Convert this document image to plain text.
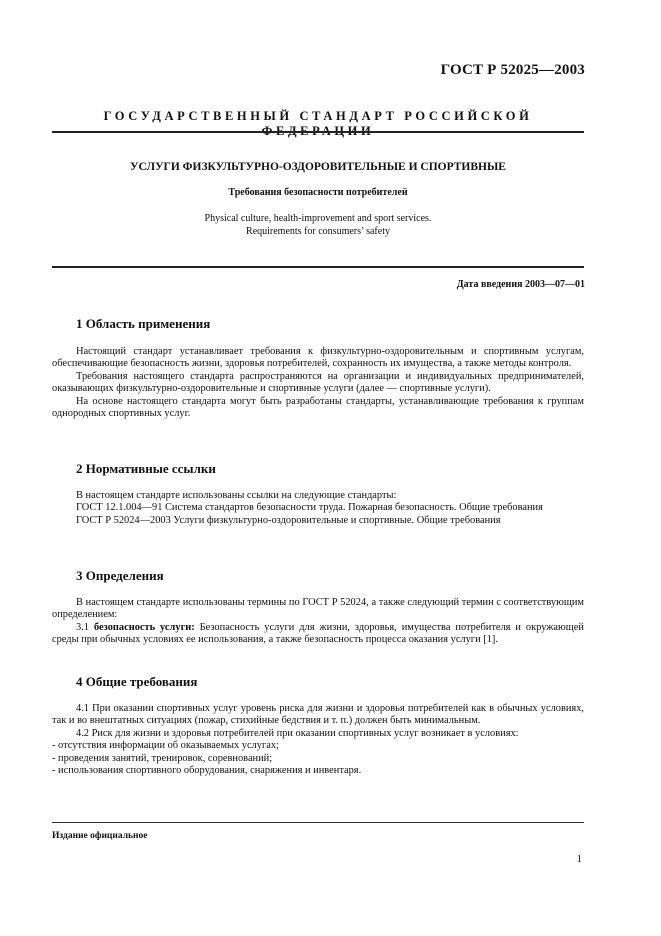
ГОСТ Р 52025—2003
ГОСУДАРСТВЕННЫЙ СТАНДАРТ РОССИЙСКОЙ ФЕДЕРАЦИИ
УСЛУГИ ФИЗКУЛЬТУРНО-ОЗДОРОВИТЕЛЬНЫЕ И СПОРТИВНЫЕ
Требования безопасности потребителей
Physical culture, health-improvement and sport services.
Requirements for consumers’ safety
Дата введения 2003—07—01
1 Область применения

Настоящий стандарт устанавливает требования к физкультурно-оздоровительным и спортивным услугам, обеспечивающие безопасность жизни, здоровья потребителей, сохранность их имущества, а также методы контроля.

Требования настоящего стандарта распространяются на организации и индивидуальных предпринимателей, оказывающих физкультурно-оздоровительные и спортивные услуги (далее — спортивные услуги).

На основе настоящего стандарта могут быть разработаны стандарты, устанавливающие требования к группам однородных спортивных услуг.

2 Нормативные ссылки

В настоящем стандарте использованы ссылки на следующие стандарты:

ГОСТ 12.1.004—91 Система стандартов безопасности труда. Пожарная безопасность. Общие требования

ГОСТ Р 52024—2003 Услуги физкультурно-оздоровительные и спортивные. Общие требования

3 Определения

В настоящем стандарте использованы термины по ГОСТ Р 52024, а также следующий термин с соответствующим определением:

3.1 безопасность услуги: Безопасность услуги для жизни, здоровья, имущества потребителя и окружающей среды при обычных условиях ее использования, а также безопасность процесса оказания услуги [1].

4 Общие требования

4.1 При оказании спортивных услуг уровень риска для жизни и здоровья потребителей как в обычных условиях, так и во внештатных ситуациях (пожар, стихийные бедствия и т. п.) должен быть минимальным.

4.2 Риск для жизни и здоровья потребителей при оказании спортивных услуг возникает в условиях:

- отсутствия информации об оказываемых услугах;

- проведения занятий, тренировок, соревнований;

- использования спортивного оборудования, снаряжения и инвентаря.

Издание официальное
1
